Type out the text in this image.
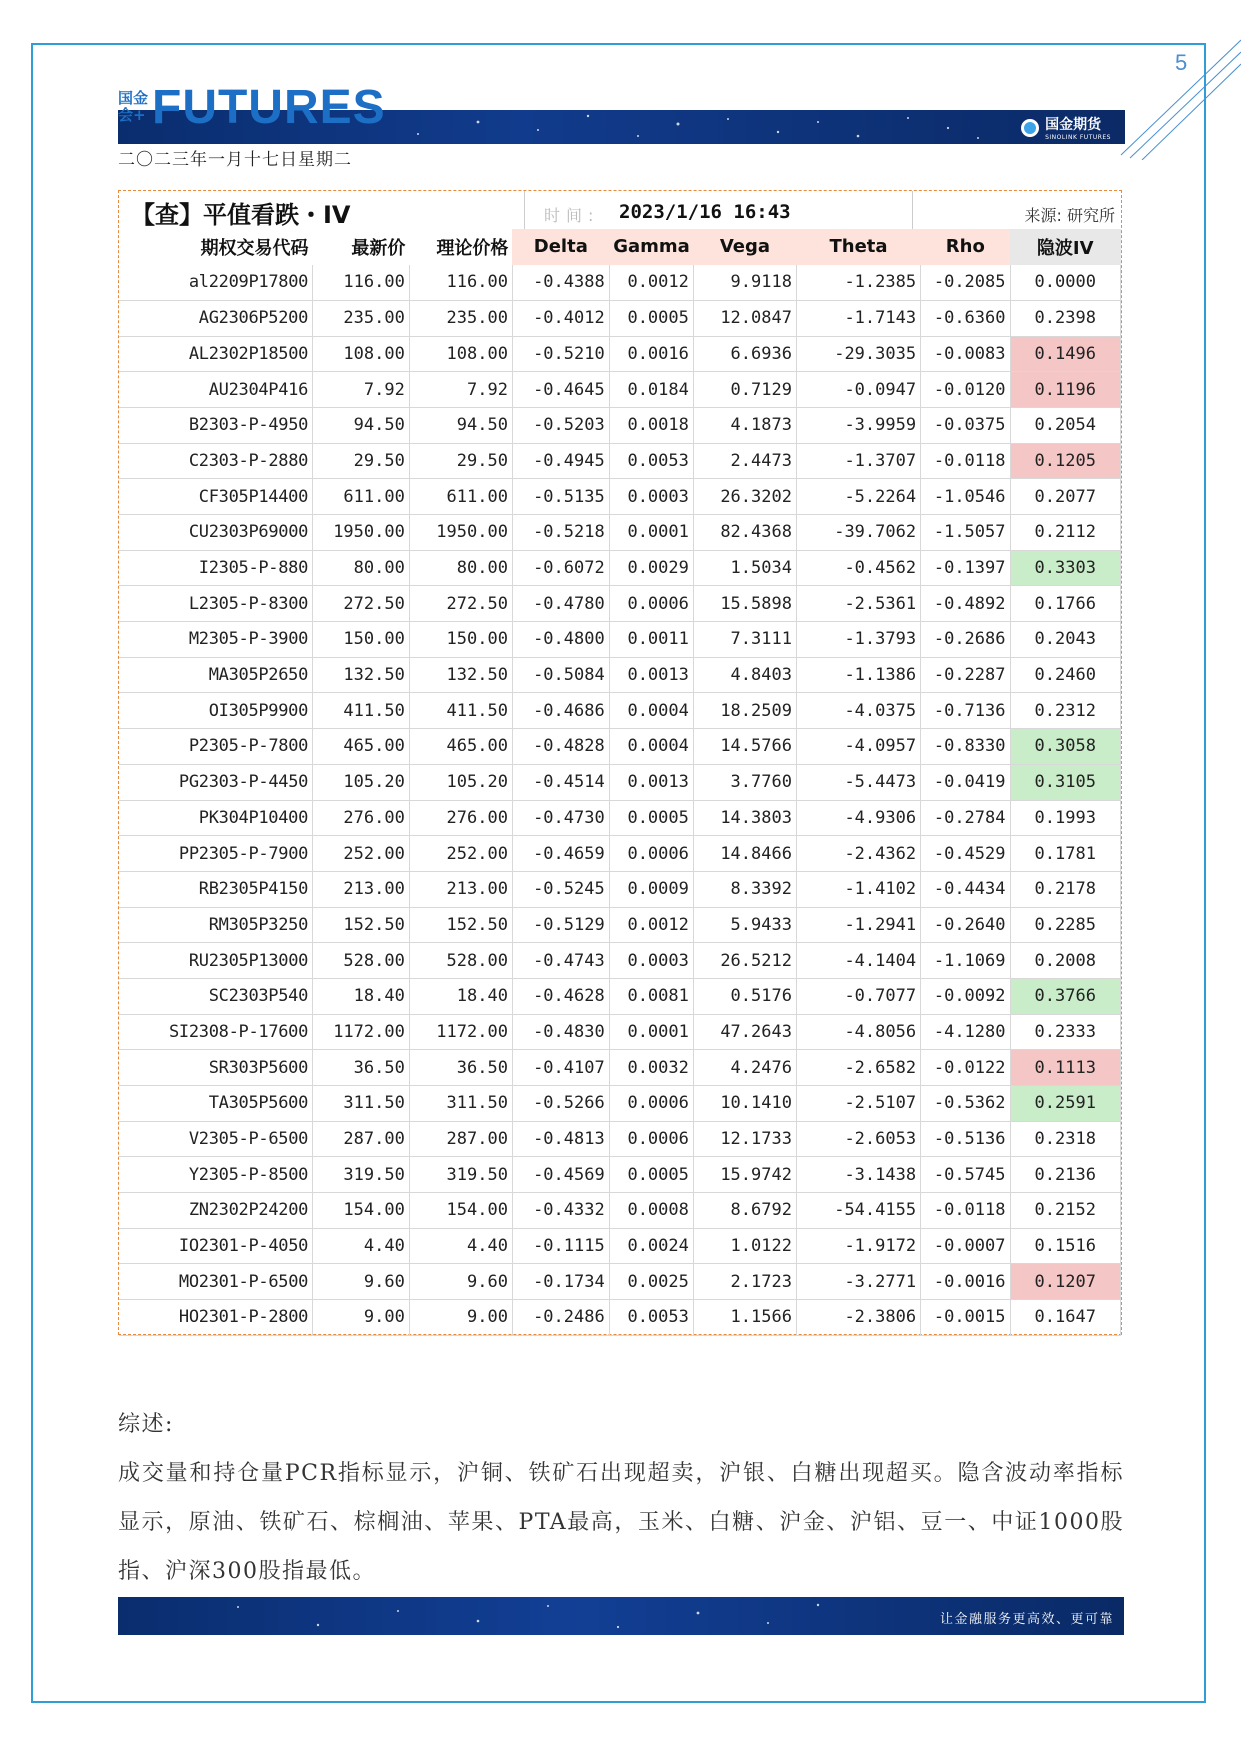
5
国金期货
SINOLINK FUTURES
FUTURES
国金会+
二〇二三年一月十七日星期二
【查】平值看跌・IV	时间: 2023/1/16 16:43	来源: 研究所
期权交易代码	最新价	理论价格	Delta	Gamma	Vega	Theta	Rho	隐波IV
al2209P17800	116.00	116.00	-0.4388	0.0012	9.9118	-1.2385	-0.2085	0.0000
AG2306P5200	235.00	235.00	-0.4012	0.0005	12.0847	-1.7143	-0.6360	0.2398
AL2302P18500	108.00	108.00	-0.5210	0.0016	6.6936	-29.3035	-0.0083	0.1496
AU2304P416	7.92	7.92	-0.4645	0.0184	0.7129	-0.0947	-0.0120	0.1196
B2303-P-4950	94.50	94.50	-0.5203	0.0018	4.1873	-3.9959	-0.0375	0.2054
C2303-P-2880	29.50	29.50	-0.4945	0.0053	2.4473	-1.3707	-0.0118	0.1205
CF305P14400	611.00	611.00	-0.5135	0.0003	26.3202	-5.2264	-1.0546	0.2077
CU2303P69000	1950.00	1950.00	-0.5218	0.0001	82.4368	-39.7062	-1.5057	0.2112
I2305-P-880	80.00	80.00	-0.6072	0.0029	1.5034	-0.4562	-0.1397	0.3303
L2305-P-8300	272.50	272.50	-0.4780	0.0006	15.5898	-2.5361	-0.4892	0.1766
M2305-P-3900	150.00	150.00	-0.4800	0.0011	7.3111	-1.3793	-0.2686	0.2043
MA305P2650	132.50	132.50	-0.5084	0.0013	4.8403	-1.1386	-0.2287	0.2460
OI305P9900	411.50	411.50	-0.4686	0.0004	18.2509	-4.0375	-0.7136	0.2312
P2305-P-7800	465.00	465.00	-0.4828	0.0004	14.5766	-4.0957	-0.8330	0.3058
PG2303-P-4450	105.20	105.20	-0.4514	0.0013	3.7760	-5.4473	-0.0419	0.3105
PK304P10400	276.00	276.00	-0.4730	0.0005	14.3803	-4.9306	-0.2784	0.1993
PP2305-P-7900	252.00	252.00	-0.4659	0.0006	14.8466	-2.4362	-0.4529	0.1781
RB2305P4150	213.00	213.00	-0.5245	0.0009	8.3392	-1.4102	-0.4434	0.2178
RM305P3250	152.50	152.50	-0.5129	0.0012	5.9433	-1.2941	-0.2640	0.2285
RU2305P13000	528.00	528.00	-0.4743	0.0003	26.5212	-4.1404	-1.1069	0.2008
SC2303P540	18.40	18.40	-0.4628	0.0081	0.5176	-0.7077	-0.0092	0.3766
SI2308-P-17600	1172.00	1172.00	-0.4830	0.0001	47.2643	-4.8056	-4.1280	0.2333
SR303P5600	36.50	36.50	-0.4107	0.0032	4.2476	-2.6582	-0.0122	0.1113
TA305P5600	311.50	311.50	-0.5266	0.0006	10.1410	-2.5107	-0.5362	0.2591
V2305-P-6500	287.00	287.00	-0.4813	0.0006	12.1733	-2.6053	-0.5136	0.2318
Y2305-P-8500	319.50	319.50	-0.4569	0.0005	15.9742	-3.1438	-0.5745	0.2136
ZN2302P24200	154.00	154.00	-0.4332	0.0008	8.6792	-54.4155	-0.0118	0.2152
IO2301-P-4050	4.40	4.40	-0.1115	0.0024	1.0122	-1.9172	-0.0007	0.1516
MO2301-P-6500	9.60	9.60	-0.1734	0.0025	2.1723	-3.2771	-0.0016	0.1207
HO2301-P-2800	9.00	9.00	-0.2486	0.0053	1.1566	-2.3806	-0.0015	0.1647

综述:

成交量和持仓量PCR指标显示，沪铜、铁矿石出现超卖，沪银、白糖出现超买。隐含波动率指标显示，原油、铁矿石、棕榈油、苹果、PTA最高，玉米、白糖、沪金、沪铝、豆一、中证1000股指、沪深300股指最低。

让金融服务更高效、更可靠
